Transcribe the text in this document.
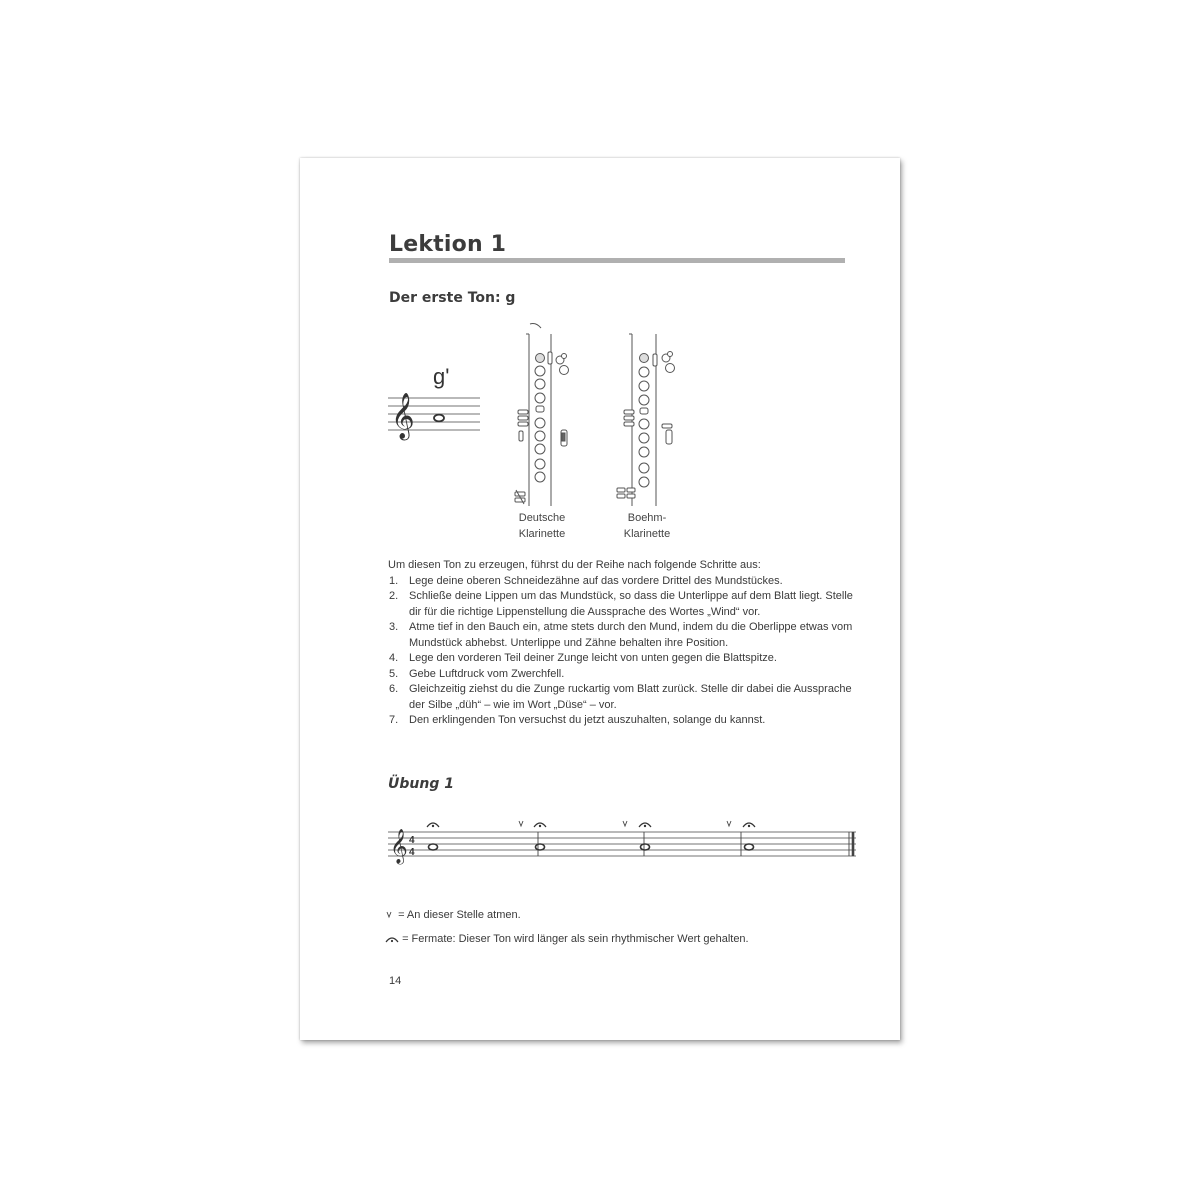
Lektion 1
Der erste Ton: g
g'
𝄞
Deutsche
Klarinette
Boehm-
Klarinette

Um diesen Ton zu erzeugen, führst du der Reihe nach folgende Schritte aus:

1. Lege deine oberen Schneidezähne auf das vordere Drittel des Mundstückes.
2. Schließe deine Lippen um das Mundstück, so dass die Unterlippe auf dem Blatt liegt. Stelle dir für die richtige Lippenstellung die Aussprache des Wortes „Wind“ vor.
3. Atme tief in den Bauch ein, atme stets durch den Mund, indem du die Oberlippe etwas vom Mundstück abhebst. Unterlippe und Zähne behalten ihre Position.
4. Lege den vorderen Teil deiner Zunge leicht von unten gegen die Blattspitze.
5. Gebe Luftdruck vom Zwerchfell.
6. Gleichzeitig ziehst du die Zunge ruckartig vom Blatt zurück. Stelle dir dabei die Aussprache der Silbe „düh“ – wie im Wort „Düse“ – vor.
7. Den erklingenden Ton versuchst du jetzt auszuhalten, solange du kannst.
Übung 1
𝄞 4
4
= An dieser Stelle atmen.
= Fermate: Dieser Ton wird länger als sein rhythmischer Wert gehalten.
14
